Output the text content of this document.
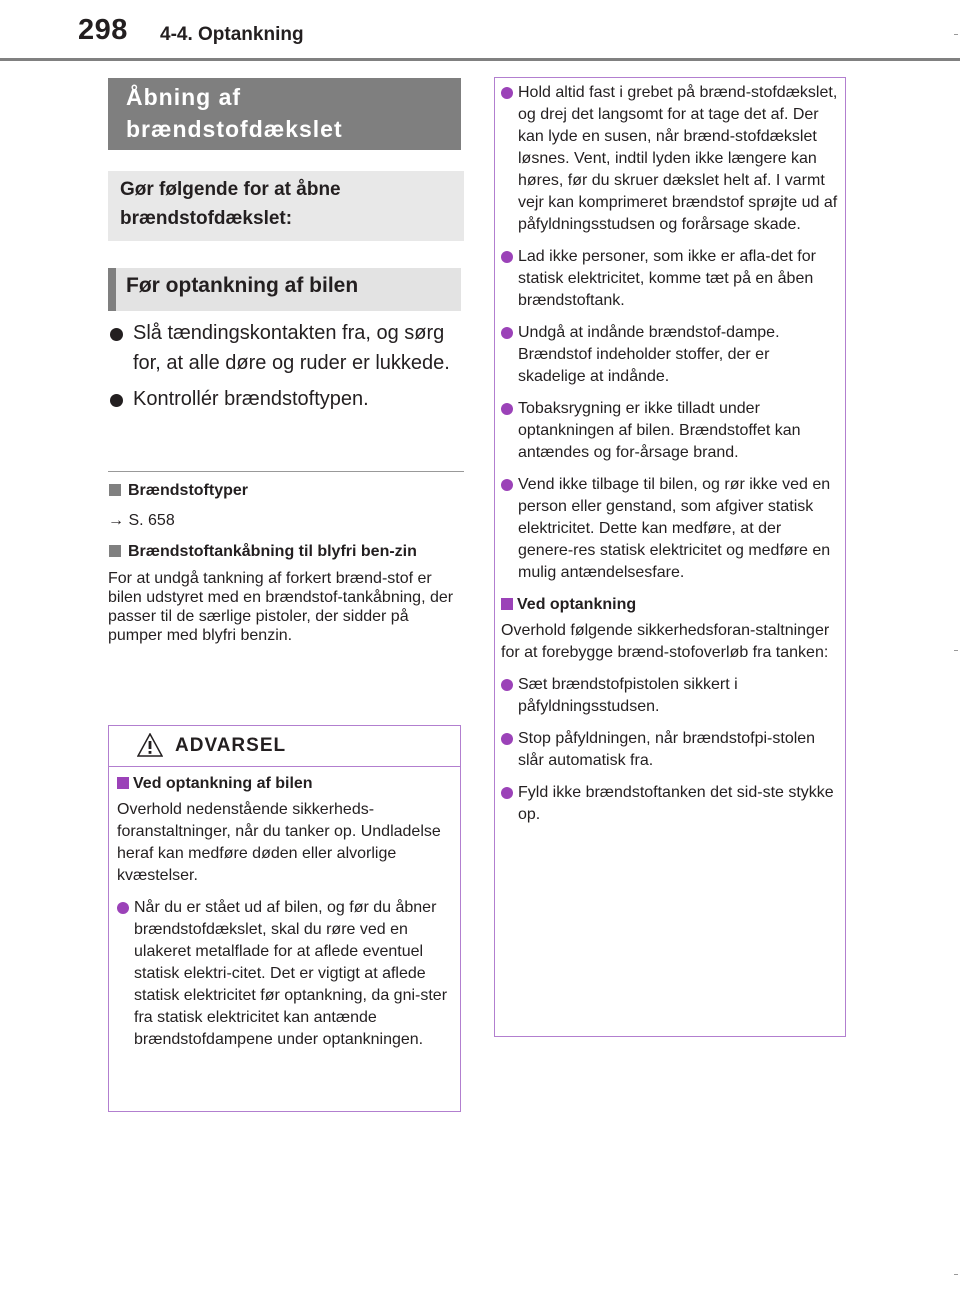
298 4-4. Optankning
Åbning af brændstofdækslet
Gør følgende for at åbne brændstofdækslet:
Før optankning af bilen
Slå tændingskontakten fra, og sørg for, at alle døre og ruder er lukkede.
Kontrollér brændstoftypen.
Brændstoftyper
→ S. 658
Brændstoftankåbning til blyfri ben-zin
For at undgå tankning af forkert brænd-stof er bilen udstyret med en brændstof-tankåbning, der passer til de særlige pistoler, der sidder på pumper med blyfri benzin.
ADVARSEL
Ved optankning af bilen
Overhold nedenstående sikkerheds-foranstaltninger, når du tanker op. Undladelse heraf kan medføre døden eller alvorlige kvæstelser.
Når du er stået ud af bilen, og før du åbner brændstofdækslet, skal du røre ved en ulakeret metalflade for at aflede eventuel statisk elektri-citet. Det er vigtigt at aflede statisk elektricitet før optankning, da gni-ster fra statisk elektricitet kan antænde brændstofdampene under optankningen.
Hold altid fast i grebet på brænd-stofdækslet, og drej det langsomt for at tage det af. Der kan lyde en susen, når brænd-stofdækslet løsnes. Vent, indtil lyden ikke længere kan høres, før du skruer dækslet helt af. I varmt vejr kan komprimeret brændstof sprøjte ud af påfyldningsstudsen og forårsage skade.
Lad ikke personer, som ikke er afla-det for statisk elektricitet, komme tæt på en åben brændstoftank.
Undgå at indånde brændstof-dampe. Brændstof indeholder stoffer, der er skadelige at indånde.
Tobaksrygning er ikke tilladt under optankningen af bilen. Brændstoffet kan antændes og for-årsage brand.
Vend ikke tilbage til bilen, og rør ikke ved en person eller genstand, som afgiver statisk elektricitet. Dette kan medføre, at der genere-res statisk elektricitet og medføre en mulig antændelsesfare.
Ved optankning
Overhold følgende sikkerhedsforan-staltninger for at forebygge brænd-stofoverløb fra tanken:
Sæt brændstofpistolen sikkert i påfyldningsstudsen.
Stop påfyldningen, når brændstofpi-stolen slår automatisk fra.
Fyld ikke brændstoftanken det sid-ste stykke op.
